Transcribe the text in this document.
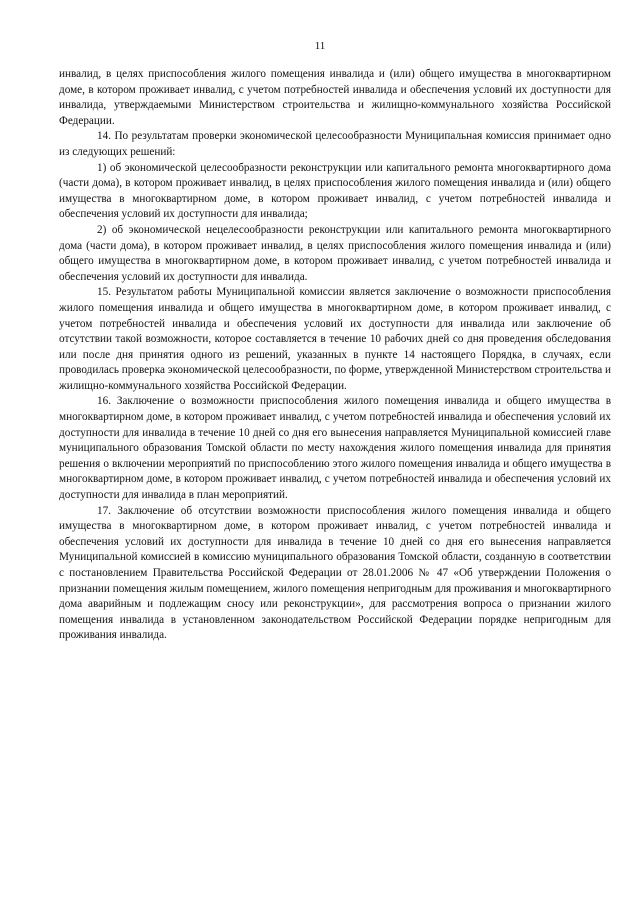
11

инвалид, в целях приспособления жилого помещения инвалида и (или) общего имущества в многоквартирном доме, в котором проживает инвалид, с учетом потребностей инвалида и обеспечения условий их доступности для инвалида, утверждаемыми Министерством строительства и жилищно-коммунального хозяйства Российской Федерации.

14. По результатам проверки экономической целесообразности Муниципальная комиссия принимает одно из следующих решений:

1) об экономической целесообразности реконструкции или капитального ремонта многоквартирного дома (части дома), в котором проживает инвалид, в целях приспособления жилого помещения инвалида и (или) общего имущества в многоквартирном доме, в котором проживает инвалид, с учетом потребностей инвалида и обеспечения условий их доступности для инвалида;

2) об экономической нецелесообразности реконструкции или капитального ремонта многоквартирного дома (части дома), в котором проживает инвалид, в целях приспособления жилого помещения инвалида и (или) общего имущества в многоквартирном доме, в котором проживает инвалид, с учетом потребностей инвалида и обеспечения условий их доступности для инвалида.

15. Результатом работы Муниципальной комиссии является заключение о возможности приспособления жилого помещения инвалида и общего имущества в многоквартирном доме, в котором проживает инвалид, с учетом потребностей инвалида и обеспечения условий их доступности для инвалида или заключение об отсутствии такой возможности, которое составляется в течение 10 рабочих дней со дня проведения обследования или после дня принятия одного из решений, указанных в пункте 14 настоящего Порядка, в случаях, если проводилась проверка экономической целесообразности, по форме, утвержденной Министерством строительства и жилищно-коммунального хозяйства Российской Федерации.

16. Заключение о возможности приспособления жилого помещения инвалида и общего имущества в многоквартирном доме, в котором проживает инвалид, с учетом потребностей инвалида и обеспечения условий их доступности для инвалида в течение 10 дней со дня его вынесения направляется Муниципальной комиссией главе муниципального образования Томской области по месту нахождения жилого помещения инвалида для принятия решения о включении мероприятий по приспособлению этого жилого помещения инвалида и общего имущества в многоквартирном доме, в котором проживает инвалид, с учетом потребностей инвалида и обеспечения условий их доступности для инвалида в план мероприятий.

17. Заключение об отсутствии возможности приспособления жилого помещения инвалида и общего имущества в многоквартирном доме, в котором проживает инвалид, с учетом потребностей инвалида и обеспечения условий их доступности для инвалида в течение 10 дней со дня его вынесения направляется Муниципальной комиссией в комиссию муниципального образования Томской области, созданную в соответствии с постановлением Правительства Российской Федерации от 28.01.2006 № 47 «Об утверждении Положения о признании помещения жилым помещением, жилого помещения непригодным для проживания и многоквартирного дома аварийным и подлежащим сносу или реконструкции», для рассмотрения вопроса о признании жилого помещения инвалида в установленном законодательством Российской Федерации порядке непригодным для проживания инвалида.
